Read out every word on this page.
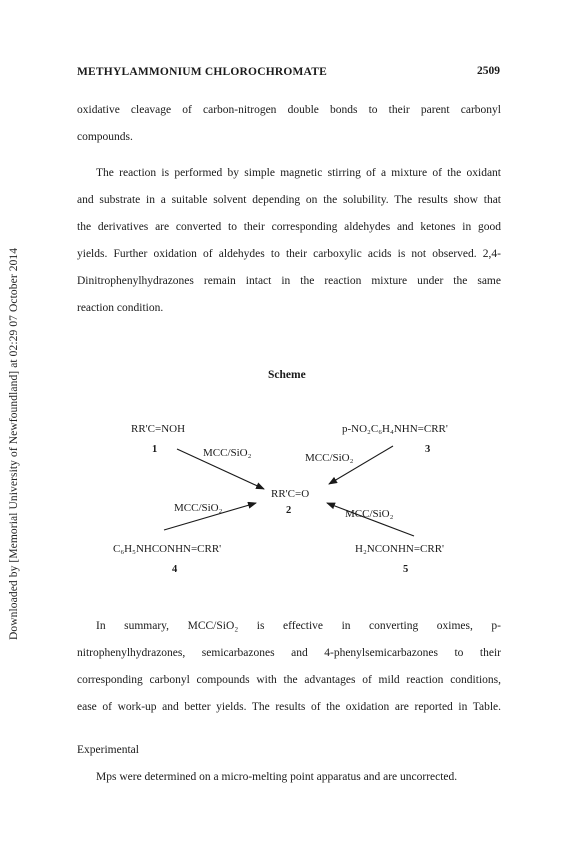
Downloaded by [Memorial University of Newfoundland] at 02:29 07 October 2014
METHYLAMMONIUM CHLOROCHROMATE	2509
oxidative cleavage of carbon-nitrogen double bonds to their parent carbonyl
compounds.
The reaction is performed by simple magnetic stirring of a mixture of the oxidant
and substrate in a suitable solvent depending on the solubility. The results show that
the derivatives are converted to their corresponding aldehydes and ketones in good
yields. Further oxidation of aldehydes to their carboxylic acids is not observed. 2,4-
Dinitrophenylhydrazones remain intact in the reaction mixture under the same
reaction condition.
Scheme
RR'C=NOH
1
p-NO₂C₆H₄NHN=CRR'
3
MCC/SiO₂	MCC/SiO₂
RR'C=O
2
MCC/SiO₂	MCC/SiO₂
C₆H₅NHCONHN=CRR'
4
H₂NCONHN=CRR'
5
In summary, MCC/SiO₂ is effective in converting oximes, p-
nitrophenylhydrazones, semicarbazones and 4-phenylsemicarbazones to their
corresponding carbonyl compounds with the advantages of mild reaction conditions,
ease of work-up and better yields. The results of the oxidation are reported in Table.
Experimental
Mps were determined on a micro-melting point apparatus and are uncorrected.
